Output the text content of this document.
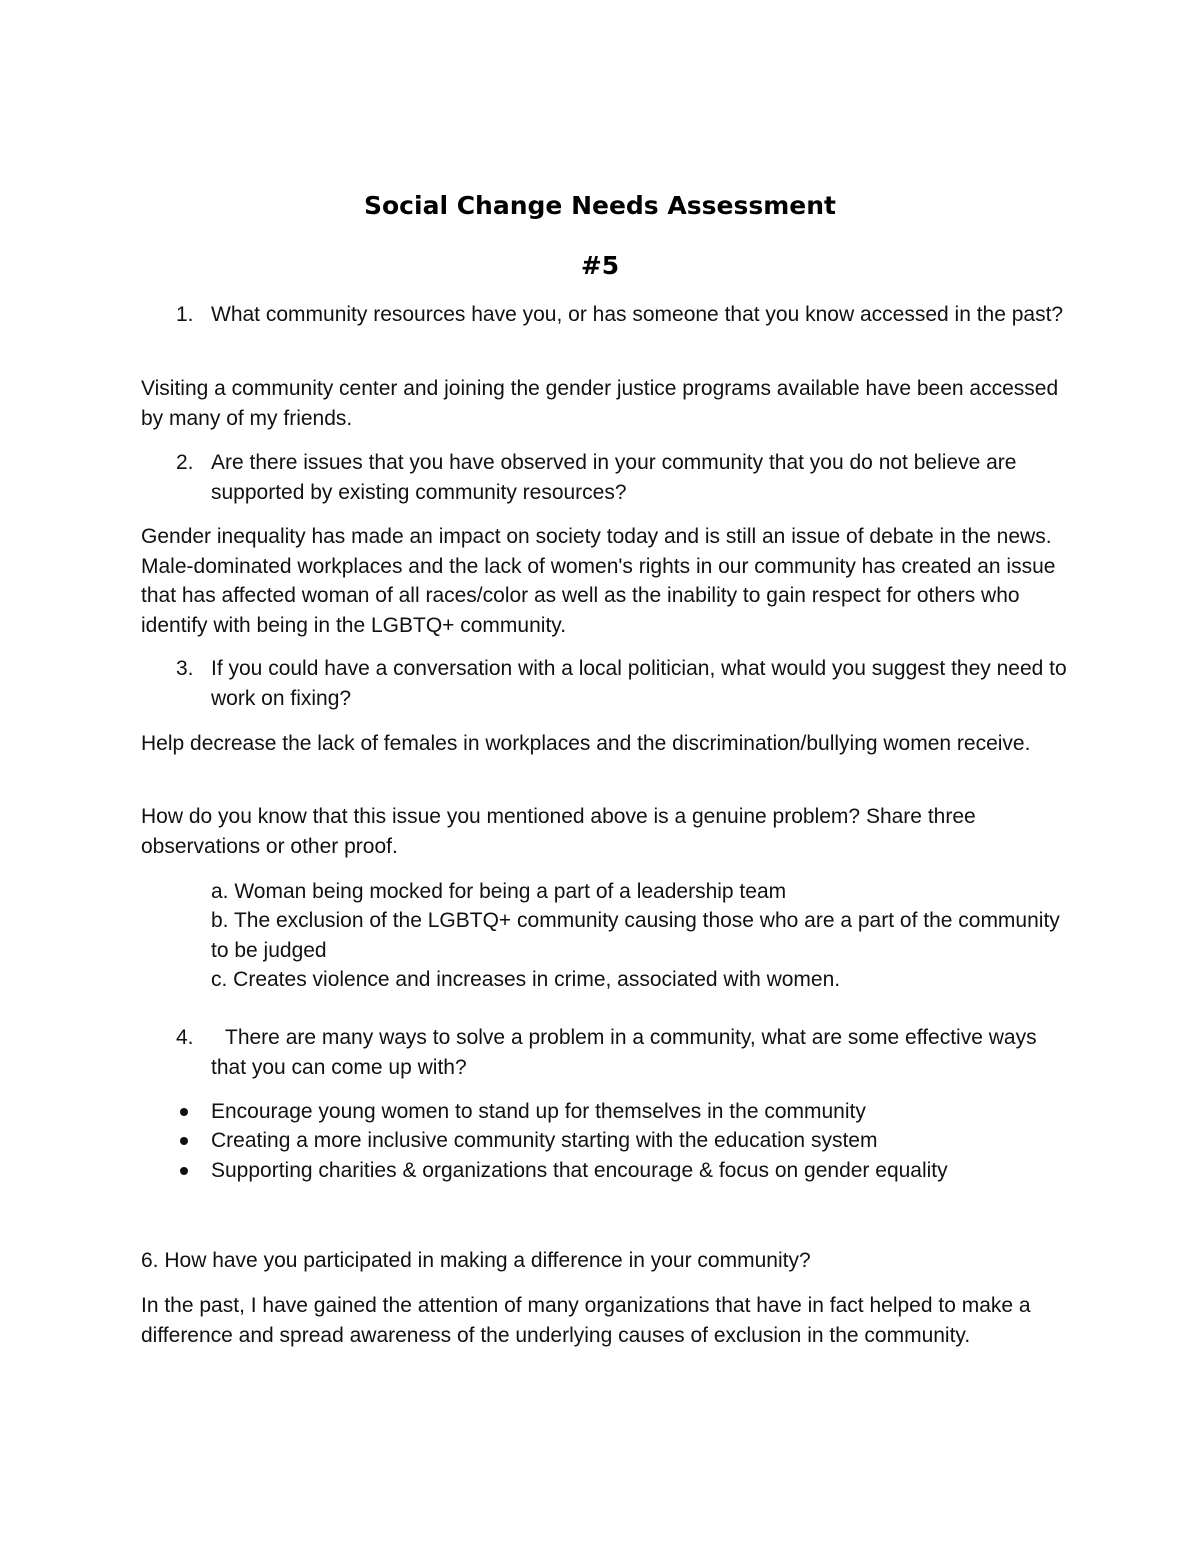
Social Change Needs Assessment
#5
1. What community resources have you, or has someone that you know accessed in the past?

Visiting a community center and joining the gender justice programs available have been accessed by many of my friends.

2. Are there issues that you have observed in your community that you do not believe are supported by existing community resources?

Gender inequality has made an impact on society today and is still an issue of debate in the news. Male-dominated workplaces and the lack of women's rights in our community has created an issue that has affected woman of all races/color as well as the inability to gain respect for others who identify with being in the LGBTQ+ community.

3. If you could have a conversation with a local politician, what would you suggest they need to work on fixing?

Help decrease the lack of females in workplaces and the discrimination/bullying women receive.

How do you know that this issue you mentioned above is a genuine problem? Share three observations or other proof.

a. Woman being mocked for being a part of a leadership team

b. The exclusion of the LGBTQ+ community causing those who are a part of the community to be judged

c. Creates violence and increases in crime, associated with women.

4.	There are many ways to solve a problem in a community, what are some effective ways that you can come up with?

Encourage young women to stand up for themselves in the community
Creating a more inclusive community starting with the education system
Supporting charities & organizations that encourage & focus on gender equality

6. How have you participated in making a difference in your community?

In the past, I have gained the attention of many organizations that have in fact helped to make a difference and spread awareness of the underlying causes of exclusion in the community.
